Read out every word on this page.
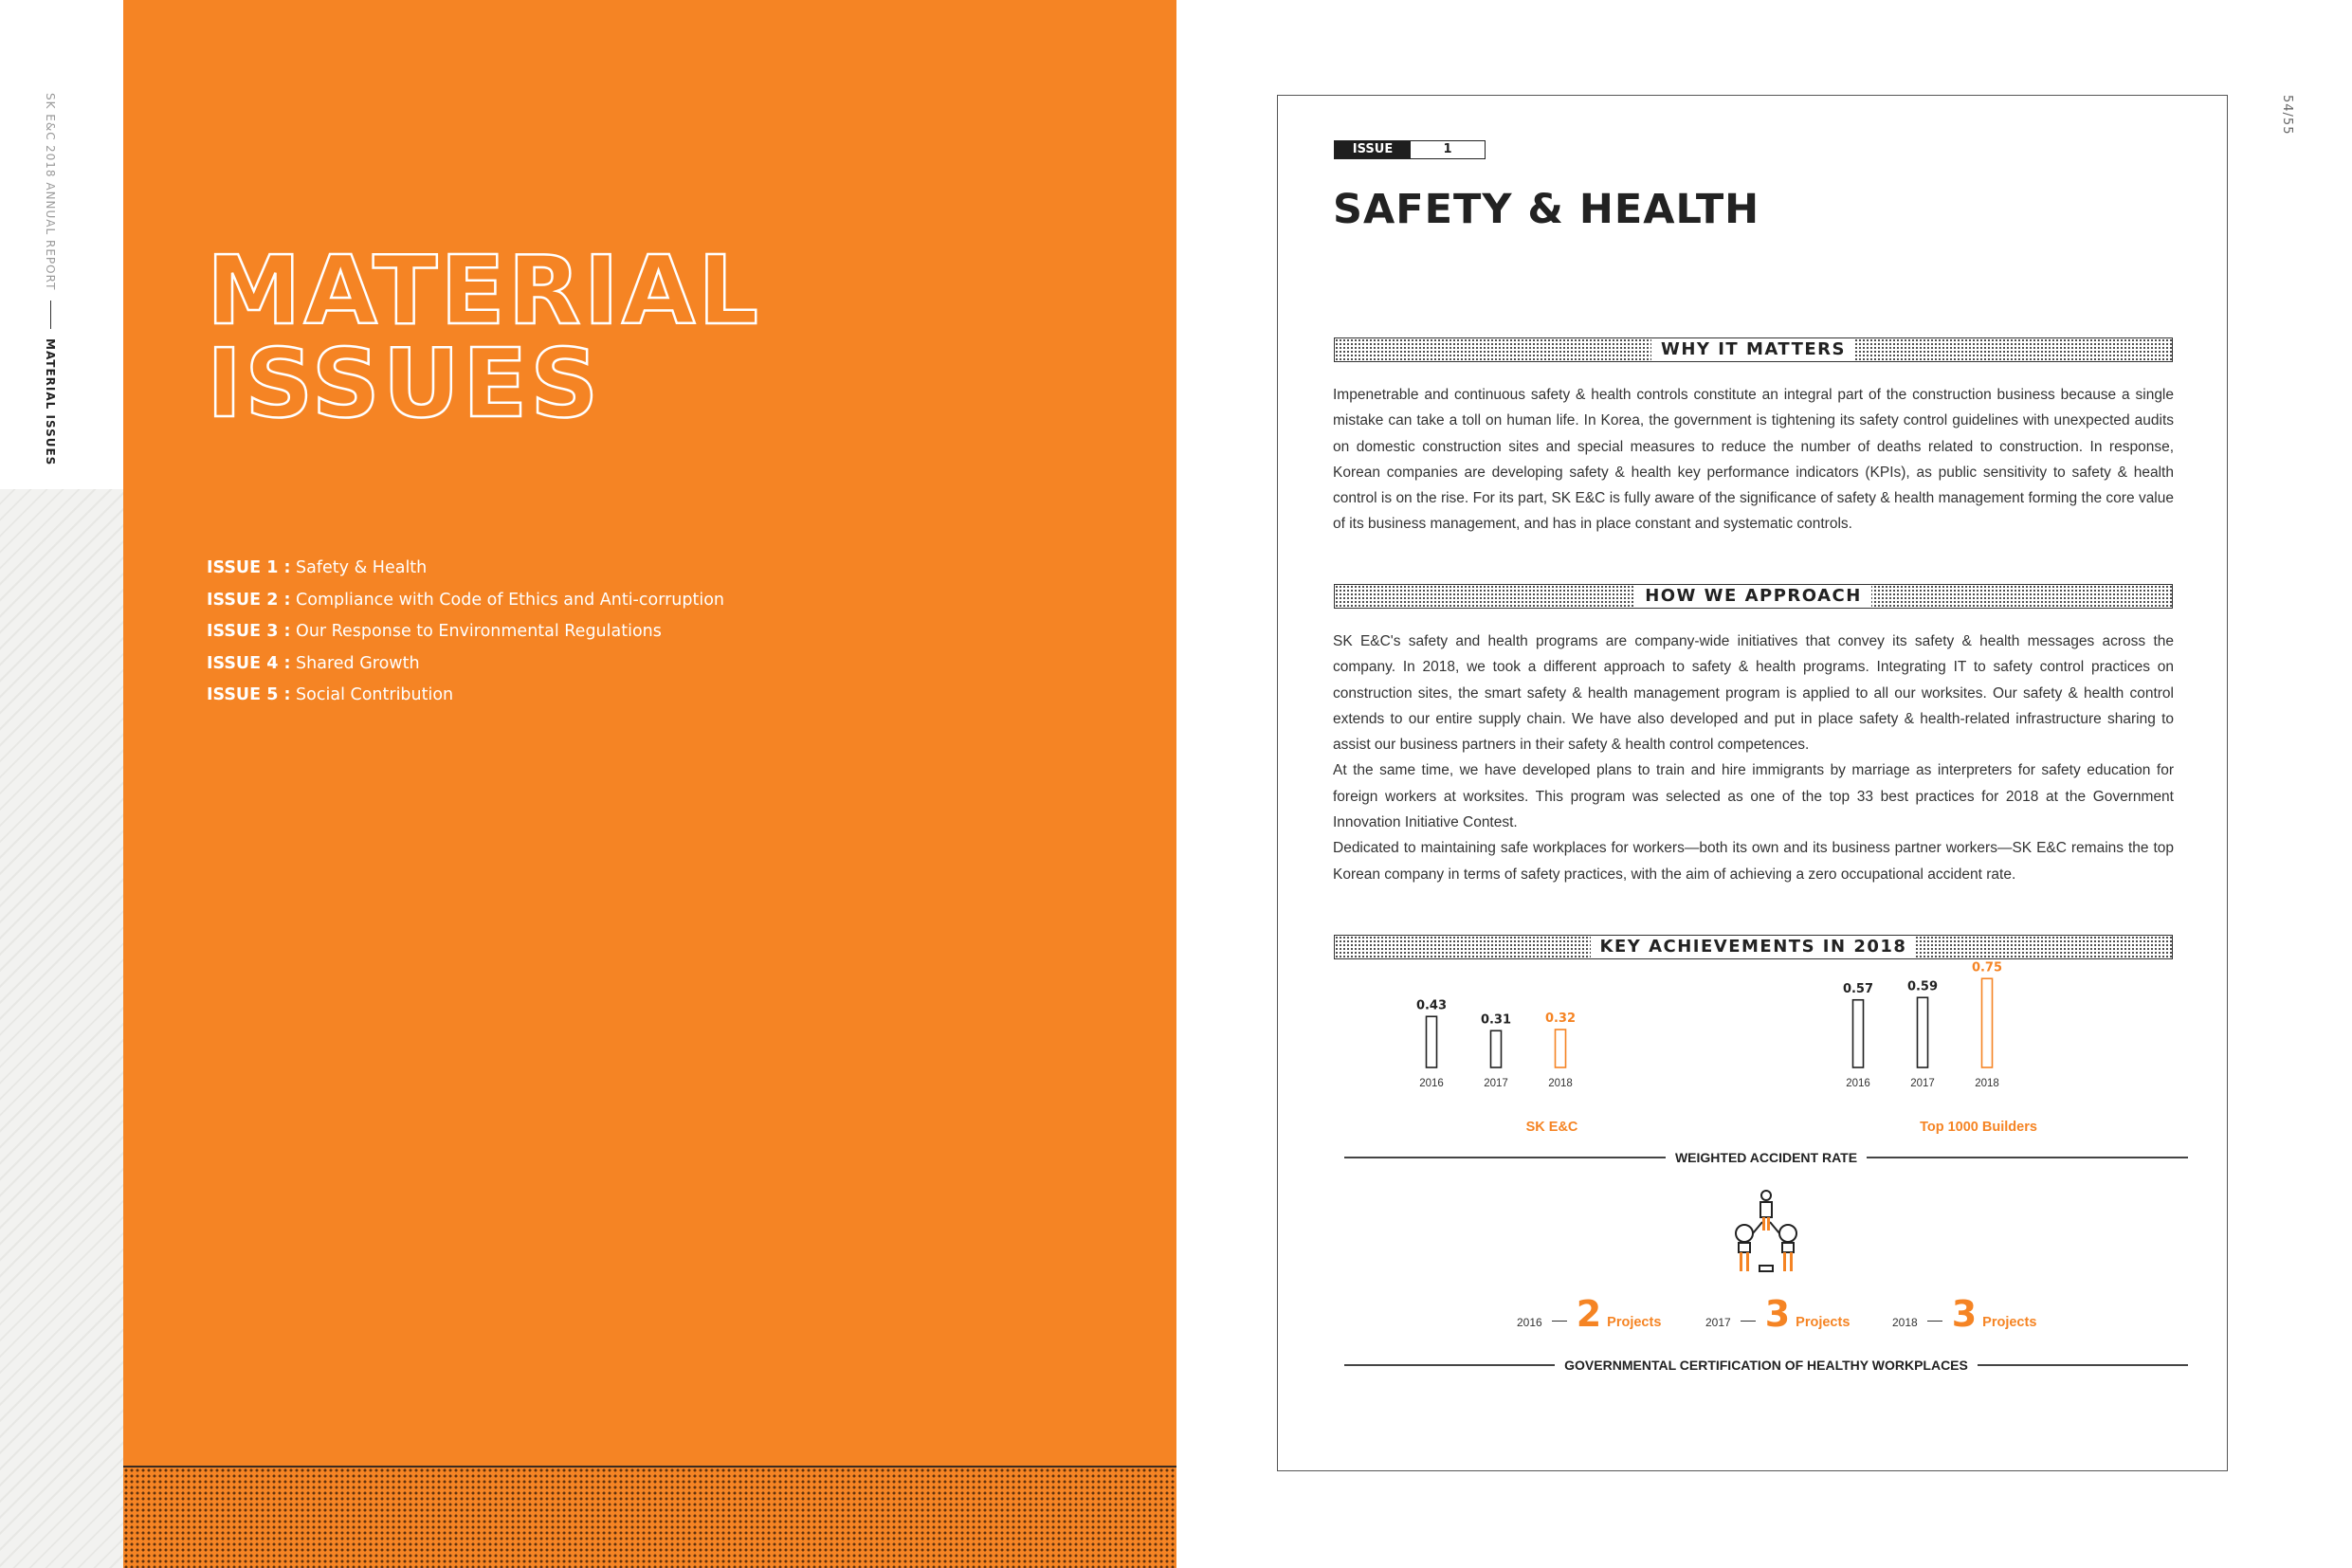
SK E&C

2018 ANNUAL REPORT
MATERIAL ISSUES
MATERIAL
ISSUES
ISSUE 1 : Safety & Health
ISSUE 2 : Compliance with Code of Ethics and Anti-corruption
ISSUE 3 : Our Response to Environmental Regulations
ISSUE 4 : Shared Growth
ISSUE 5 : Social Contribution
54/55
ISSUE	1
SAFETY & HEALTH
WHY IT MATTERS

Impenetrable and continuous safety & health controls constitute an integral part of the construction business because a single mistake can take a toll on human life. In Korea, the government is tightening its safety control guidelines with unexpected audits on domestic construction sites and special measures to reduce the number of deaths related to construction. In response, Korean companies are developing safety & health key performance indicators (KPIs), as public sensitivity to safety & health control is on the rise. For its part, SK E&C is fully aware of the significance of safety & health management forming the core value of its business management, and has in place constant and systematic controls.

HOW WE APPROACH

SK E&C's safety and health programs are company-wide initiatives that convey its safety & health messages across the company. In 2018, we took a different approach to safety & health programs. Integrating IT to safety control practices on construction sites, the smart safety & health management program is applied to all our worksites. Our safety & health control extends to our entire supply chain. We have also developed and put in place safety & health-related infrastructure sharing to assist our business partners in their safety & health control competences.

At the same time, we have developed plans to train and hire immigrants by marriage as interpreters for safety education for foreign workers at worksites. This program was selected as one of the top 33 best practices for 2018 at the Government Innovation Initiative Contest.

Dedicated to maintaining safe workplaces for workers—both its own and its business partner workers—SK E&C remains the top Korean company in terms of safety practices, with the aim of achieving a zero occupational accident rate.

KEY ACHIEVEMENTS IN 2018
0.43
2016
0.31
2017
0.32
2018
SK E&C
0.57
2016
0.59
2017
0.75
2018
Top 1000 Builders
WEIGHTED ACCIDENT RATE
2016 2 Projects	2017 3 Projects	2018 3 Projects
GOVERNMENTAL CERTIFICATION OF HEALTHY WORKPLACES
